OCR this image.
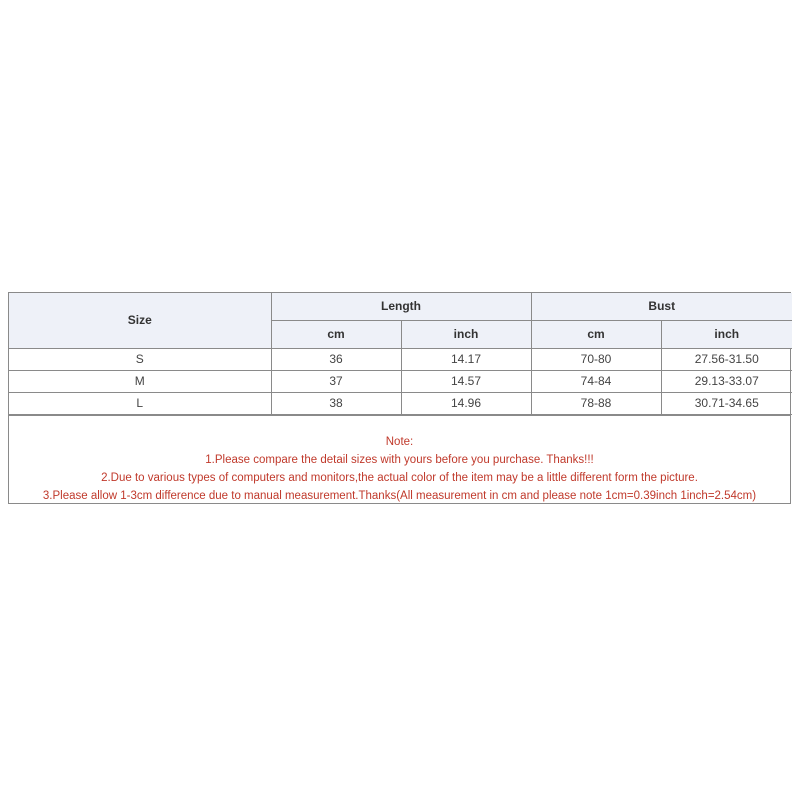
Size	Length		Bust	
	cm	inch	cm	inch
S	36	14.17	70-80	27.56-31.50
M	37	14.57	74-84	29.13-33.07
L	38	14.96	78-88	30.71-34.65
Note:
1.Please compare the detail sizes with yours before you purchase. Thanks!!!
2.Due to various types of computers and monitors,the actual color of the item may be a little different form the picture.
3.Please allow 1-3cm difference due to manual measurement.Thanks(All measurement in cm and please note 1cm=0.39inch 1inch=2.54cm)
